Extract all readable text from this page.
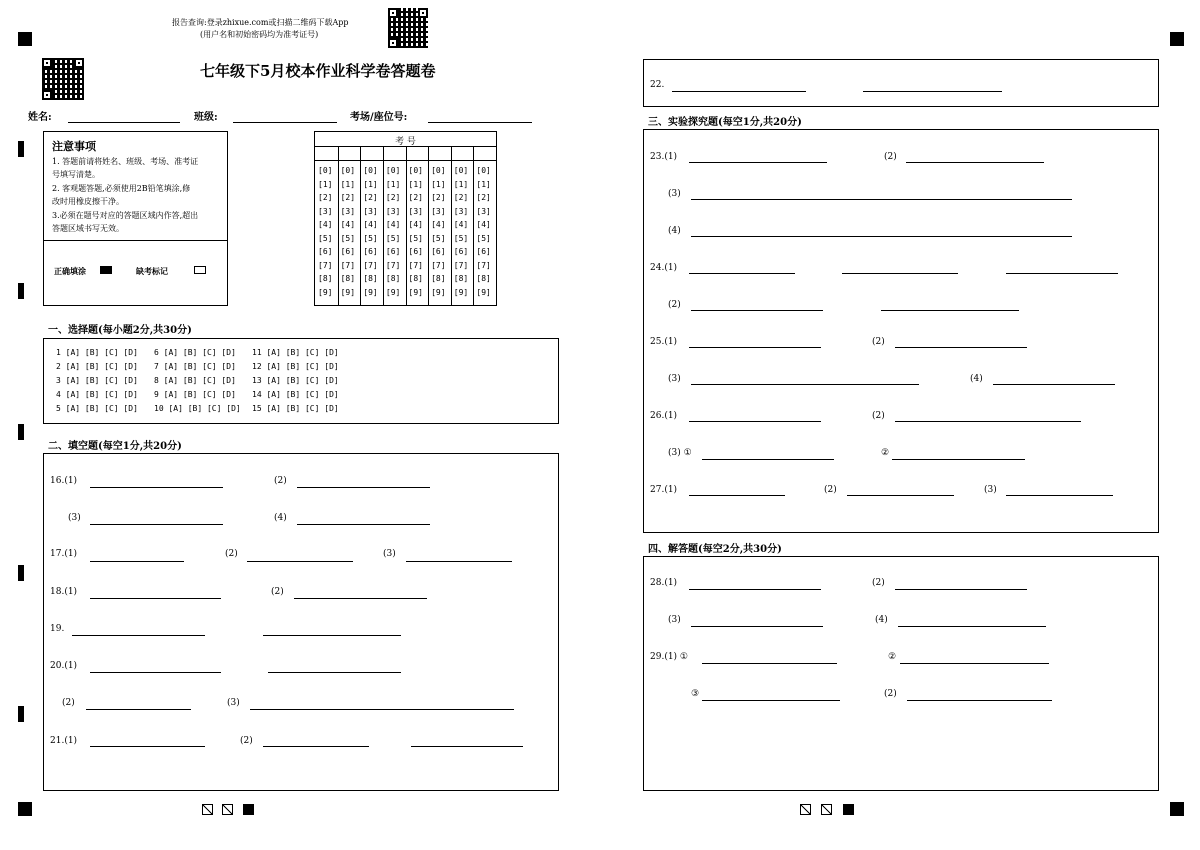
报告查询:登录zhixue.com或扫描二维码下载App
(用户名和初始密码均为准考证号)
七年级下5月校本作业科学卷答题卷
姓名:	班级:	考场/座位号:
注意事项
1. 答题前请将姓名、班级、考场、准考证
号填写清楚。
2. 客观题答题,必须使用2B铅笔填涂,修
改时用橡皮擦干净。
3.必须在题号对应的答题区域内作答,超出
答题区域书写无效。
正确填涂	缺考标记
考 号
[0]
[1]
[2]
[3]
[4]
[5]
[6]
[7]
[8]
[9]
[0]
[1]
[2]
[3]
[4]
[5]
[6]
[7]
[8]
[9]
[0]
[1]
[2]
[3]
[4]
[5]
[6]
[7]
[8]
[9]
[0]
[1]
[2]
[3]
[4]
[5]
[6]
[7]
[8]
[9]
[0]
[1]
[2]
[3]
[4]
[5]
[6]
[7]
[8]
[9]
[0]
[1]
[2]
[3]
[4]
[5]
[6]
[7]
[8]
[9]
[0]
[1]
[2]
[3]
[4]
[5]
[6]
[7]
[8]
[9]
[0]
[1]
[2]
[3]
[4]
[5]
[6]
[7]
[8]
[9]
一、选择题(每小题2分,共30分)
1 [A] [B] [C] [D]
2 [A] [B] [C] [D]
3 [A] [B] [C] [D]
4 [A] [B] [C] [D]
5 [A] [B] [C] [D]
6 [A] [B] [C] [D]
7 [A] [B] [C] [D]
8 [A] [B] [C] [D]
9 [A] [B] [C] [D]
10 [A] [B] [C] [D]
11 [A] [B] [C] [D]
12 [A] [B] [C] [D]
13 [A] [B] [C] [D]
14 [A] [B] [C] [D]
15 [A] [B] [C] [D]
二、填空题(每空1分,共20分)
16.(1)	(2)
(3)	(4)
17.(1)	(2)	(3)
18.(1)	(2)
19.
20.(1)
(2)	(3)
21.(1)	(2)
22.
三、实验探究题(每空1分,共20分)
23.(1)	(2)
(3)
(4)
24.(1)
(2)
25.(1)	(2)
(3)	(4)
26.(1)	(2)
(3) ①	②
27.(1)	(2)	(3)
四、解答题(每空2分,共30分)
28.(1)	(2)
(3)	(4)
29.(1) ①	②
③	(2)
